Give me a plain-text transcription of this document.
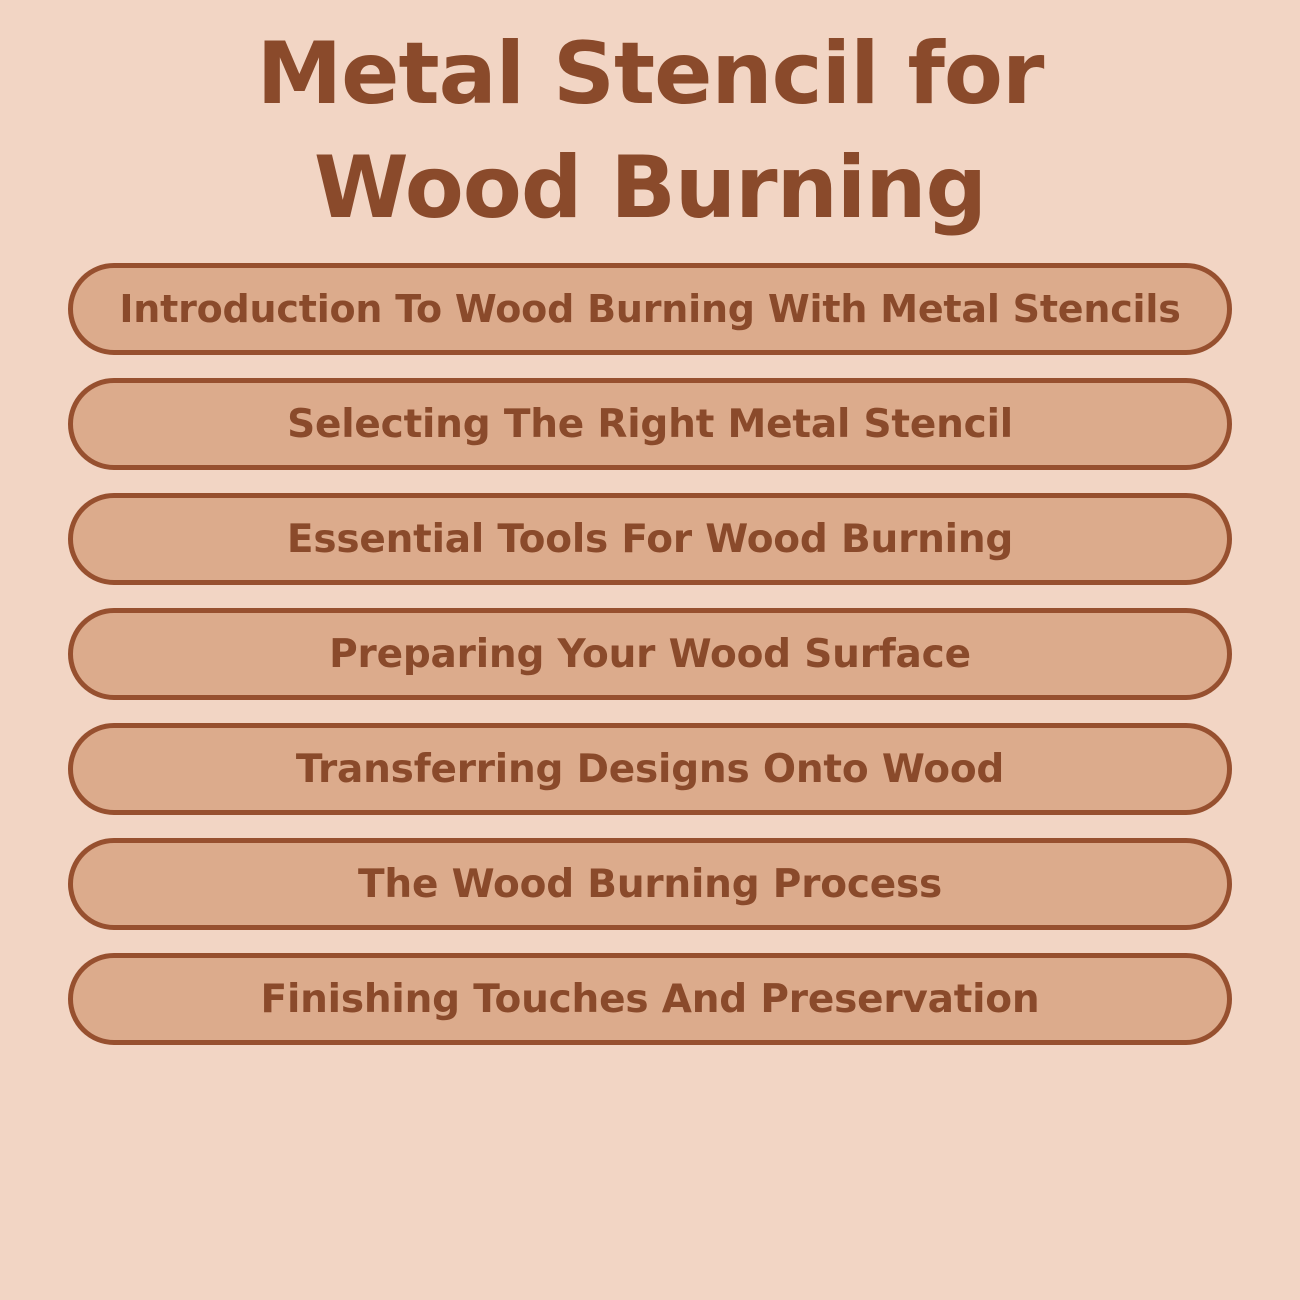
Metal Stencil for Wood Burning
Introduction To Wood Burning With Metal Stencils
Selecting The Right Metal Stencil
Essential Tools For Wood Burning
Preparing Your Wood Surface
Transferring Designs Onto Wood
The Wood Burning Process
Finishing Touches And Preservation
